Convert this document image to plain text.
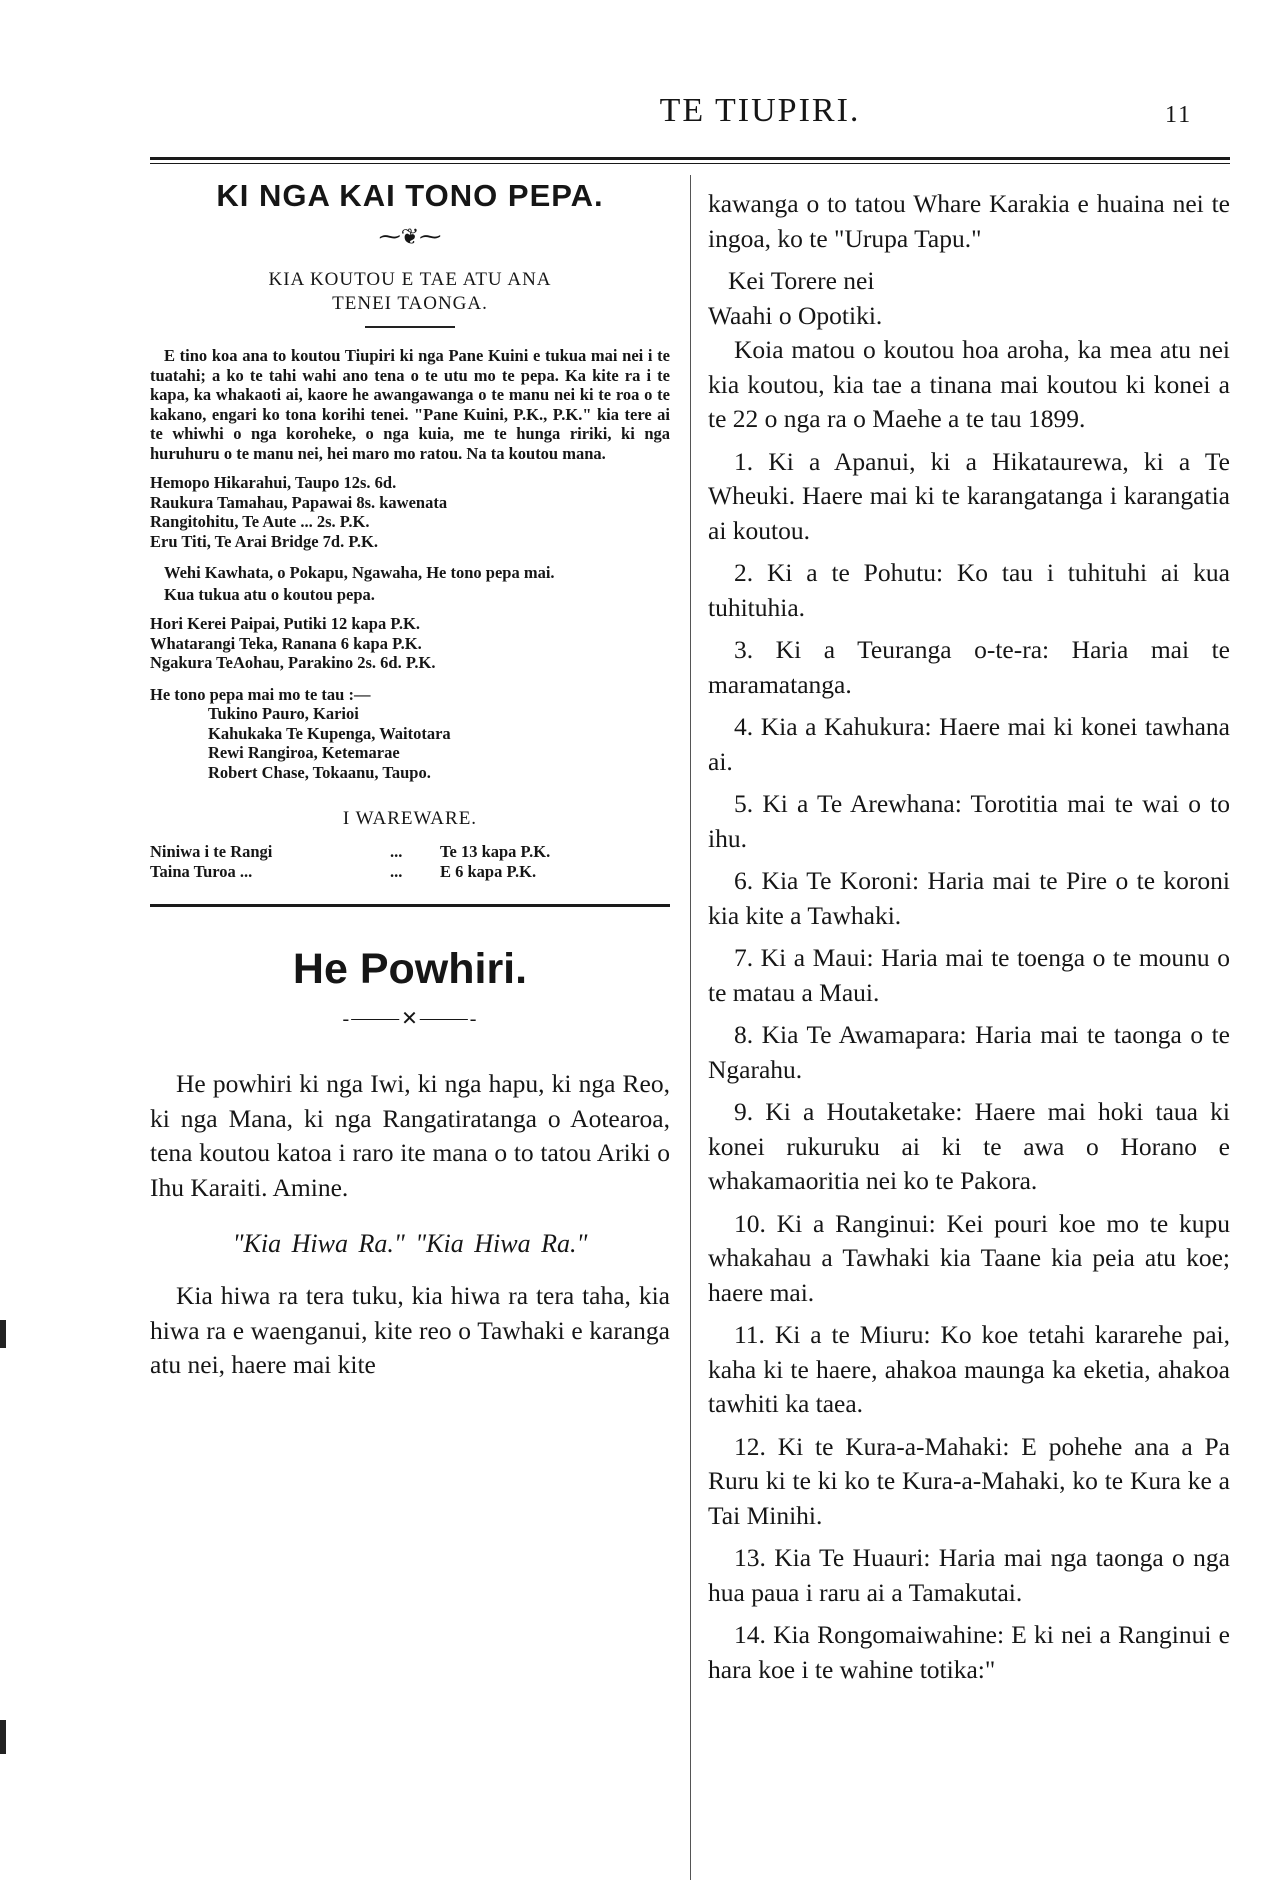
TE TIUPIRI.	11
KI NGA KAI TONO PEPA.
⁓❦⁓
KIA KOUTOU E TAE ATU ANA
TENEI TAONGA.

E tino koa ana to koutou Tiupiri ki nga Pane Kuini e tukua mai nei i te tuatahi; a ko te tahi wahi ano tena o te utu mo te pepa. Ka kite ra i te kapa, ka whakaoti ai, kaore he awangawanga o te manu nei ki te roa o te kakano, engari ko tona korihi tenei. "Pane Kuini, P.K., P.K." kia tere ai te whiwhi o nga koroheke, o nga kuia, me te hunga ririki, ki nga huruhuru o te manu nei, hei maro mo ratou. Na ta koutou mana.

Hemopo Hikarahui, Taupo 12s. 6d.
Raukura Tamahau, Papawai 8s. kawenata
Rangitohitu, Te Aute ... 2s. P.K.
Eru Titi, Te Arai Bridge 7d. P.K.

Wehi Kawhata, o Pokapu, Ngawaha, He tono pepa mai.

Kua tukua atu o koutou pepa.

Hori Kerei Paipai, Putiki 12 kapa P.K.
Whatarangi Teka, Ranana 6 kapa P.K.
Ngakura TeAohau, Parakino 2s. 6d. P.K.
He tono pepa mai mo te tau :—
Tukino Pauro, Karioi
Kahukaka Te Kupenga, Waitotara
Rewi Rangiroa, Ketemarae
Robert Chase, Tokaanu, Taupo.
I WAREWARE.
Niniwa i te Rangi	...	Te 13 kapa P.K.
Taina Turoa ...	...	E 6 kapa P.K.
He Powhiri.
-⸻✕⸻-

He powhiri ki nga Iwi, ki nga hapu, ki nga Reo, ki nga Mana, ki nga Rangatiratanga o Aotearoa, tena koutou katoa i raro ite mana o to tatou Ariki o Ihu Karaiti. Amine.

"Kia Hiwa Ra." "Kia Hiwa Ra."

Kia hiwa ra tera tuku, kia hiwa ra tera taha, kia hiwa ra e waenganui, kite reo o Tawhaki e karanga atu nei, haere mai kite

kawanga o to tatou Whare Karakia e huaina nei te ingoa, ko te "Urupa Tapu."

Kei Torere nei

Waahi o Opotiki.

Koia matou o koutou hoa aroha, ka mea atu nei kia koutou, kia tae a tinana mai koutou ki konei a te 22 o nga ra o Maehe a te tau 1899.

1. Ki a Apanui, ki a Hikataurewa, ki a Te Wheuki. Haere mai ki te karangatanga i karangatia ai koutou.

2. Ki a te Pohutu: Ko tau i tuhituhi ai kua tuhituhia.

3. Ki a Teuranga o-te-ra: Haria mai te maramatanga.

4. Kia a Kahukura: Haere mai ki konei tawhana ai.

5. Ki a Te Arewhana: Torotitia mai te wai o to ihu.

6. Kia Te Koroni: Haria mai te Pire o te koroni kia kite a Tawhaki.

7. Ki a Maui: Haria mai te toenga o te mounu o te matau a Maui.

8. Kia Te Awamapara: Haria mai te taonga o te Ngarahu.

9. Ki a Houtaketake: Haere mai hoki taua ki konei rukuruku ai ki te awa o Horano e whakamaoritia nei ko te Pakora.

10. Ki a Ranginui: Kei pouri koe mo te kupu whakahau a Tawhaki kia Taane kia peia atu koe; haere mai.

11. Ki a te Miuru: Ko koe tetahi kararehe pai, kaha ki te haere, ahakoa maunga ka eketia, ahakoa tawhiti ka taea.

12. Ki te Kura-a-Mahaki: E pohehe ana a Pa Ruru ki te ki ko te Kura-a-Mahaki, ko te Kura ke a Tai Minihi.

13. Kia Te Huauri: Haria mai nga taonga o nga hua paua i raru ai a Tamakutai.

14. Kia Rongomaiwahine: E ki nei a Ranginui e hara koe i te wahine totika:"
